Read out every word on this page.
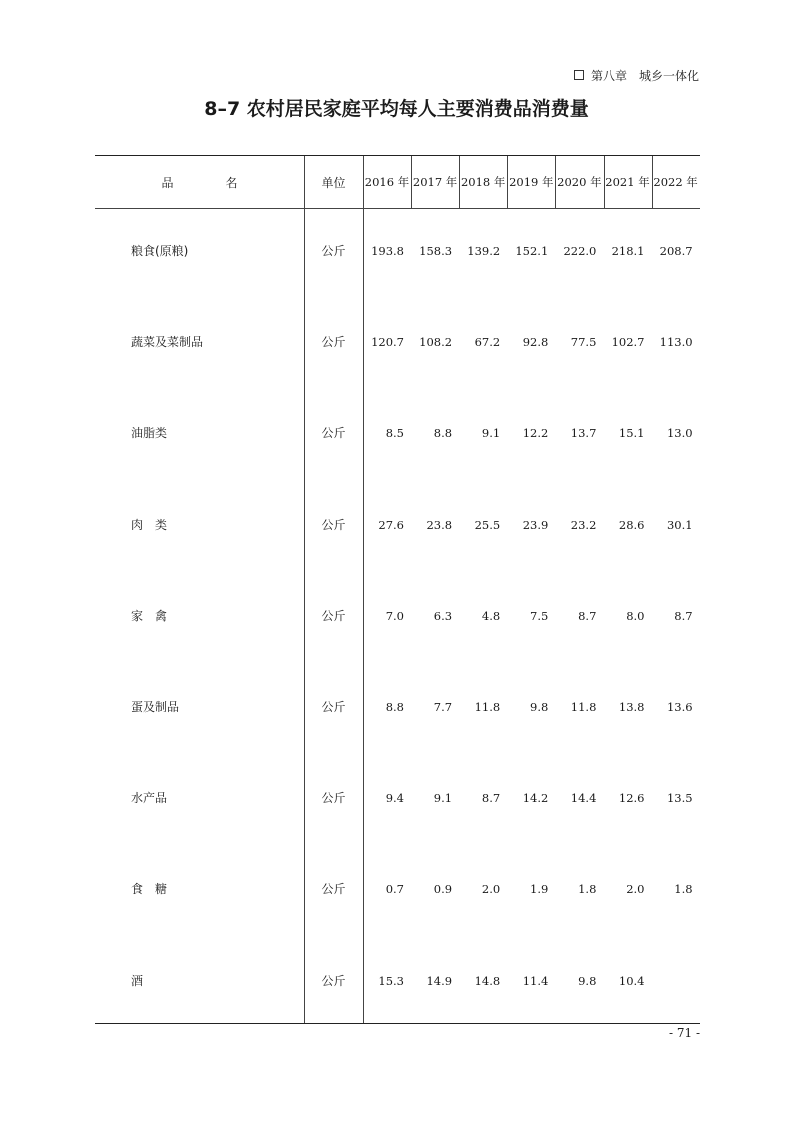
第八章　城乡一体化
8–7 农村居民家庭平均每人主要消费品消费量
品	名	单位	2016 年 2017 年 2018 年 2019 年 2020 年 2021 年 2022 年
粮食(原粮)	公斤	193.8	158.3	139.2	152.1	222.0	218.1	208.7
蔬菜及菜制品	公斤	120.7	108.2	67.2	92.8	77.5	102.7	113.0
油脂类	公斤	8.5	8.8	9.1	12.2	13.7	15.1	13.0
肉　类	公斤	27.6	23.8	25.5	23.9	23.2	28.6	30.1
家　禽	公斤	7.0	6.3	4.8	7.5	8.7	8.0	8.7
蛋及制品	公斤	8.8	7.7	11.8	9.8	11.8	13.8	13.6
水产品	公斤	9.4	9.1	8.7	14.2	14.4	12.6	13.5
食　糖	公斤	0.7	0.9	2.0	1.9	1.8	2.0	1.8
酒	公斤	15.3	14.9	14.8	11.4	9.8	10.4
- 71 -
